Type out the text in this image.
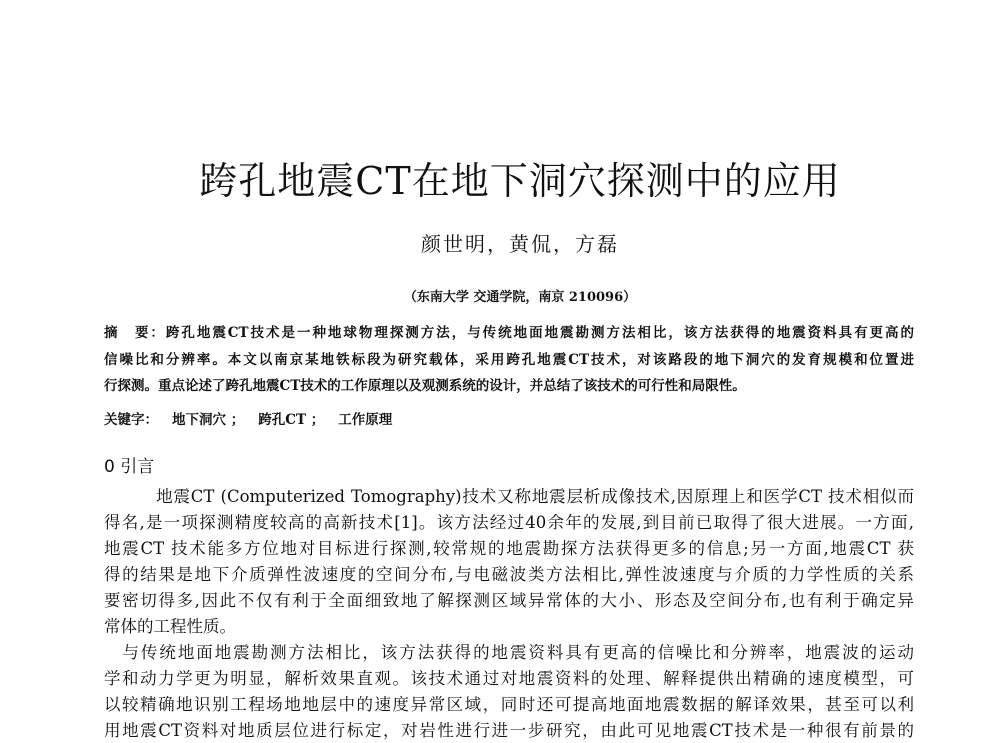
跨孔地震CT在地下洞穴探测中的应用
颜世明，黄侃，方磊
（东南大学 交通学院，南京 210096）
摘　要：跨孔地震CT技术是一种地球物理探测方法，与传统地面地震勘测方法相比，该方法获得的地震资料具有更高的
信噪比和分辨率。本文以南京某地铁标段为研究载体，采用跨孔地震CT技术，对该路段的地下洞穴的发育规模和位置进
行探测。重点论述了跨孔地震CT技术的工作原理以及观测系统的设计，并总结了该技术的可行性和局限性。
关键字： 地下洞穴 ； 跨孔CT ； 工作原理
0 引言
　　　地震CT (Computerized Tomography)技术又称地震层析成像技术,因原理上和医学CT 技术相似而
得名,是一项探测精度较高的高新技术[1]。该方法经过40余年的发展,到目前已取得了很大进展。一方面,
地震CT 技术能多方位地对目标进行探测,较常规的地震勘探方法获得更多的信息;另一方面,地震CT 获
得的结果是地下介质弹性波速度的空间分布,与电磁波类方法相比,弹性波速度与介质的力学性质的关系
要密切得多,因此不仅有利于全面细致地了解探测区域异常体的大小、形态及空间分布,也有利于确定异
常体的工程性质。
　与传统地面地震勘测方法相比，该方法获得的地震资料具有更高的信噪比和分辨率，地震波的运动
学和动力学更为明显，解析效果直观。该技术通过对地震资料的处理、解释提供出精确的速度模型，可
以较精确地识别工程场地地层中的速度异常区域，同时还可提高地面地震数据的解译效果，甚至可以利
用地震CT资料对地质层位进行标定，对岩性进行进一步研究，由此可见地震CT技术是一种很有前景的
